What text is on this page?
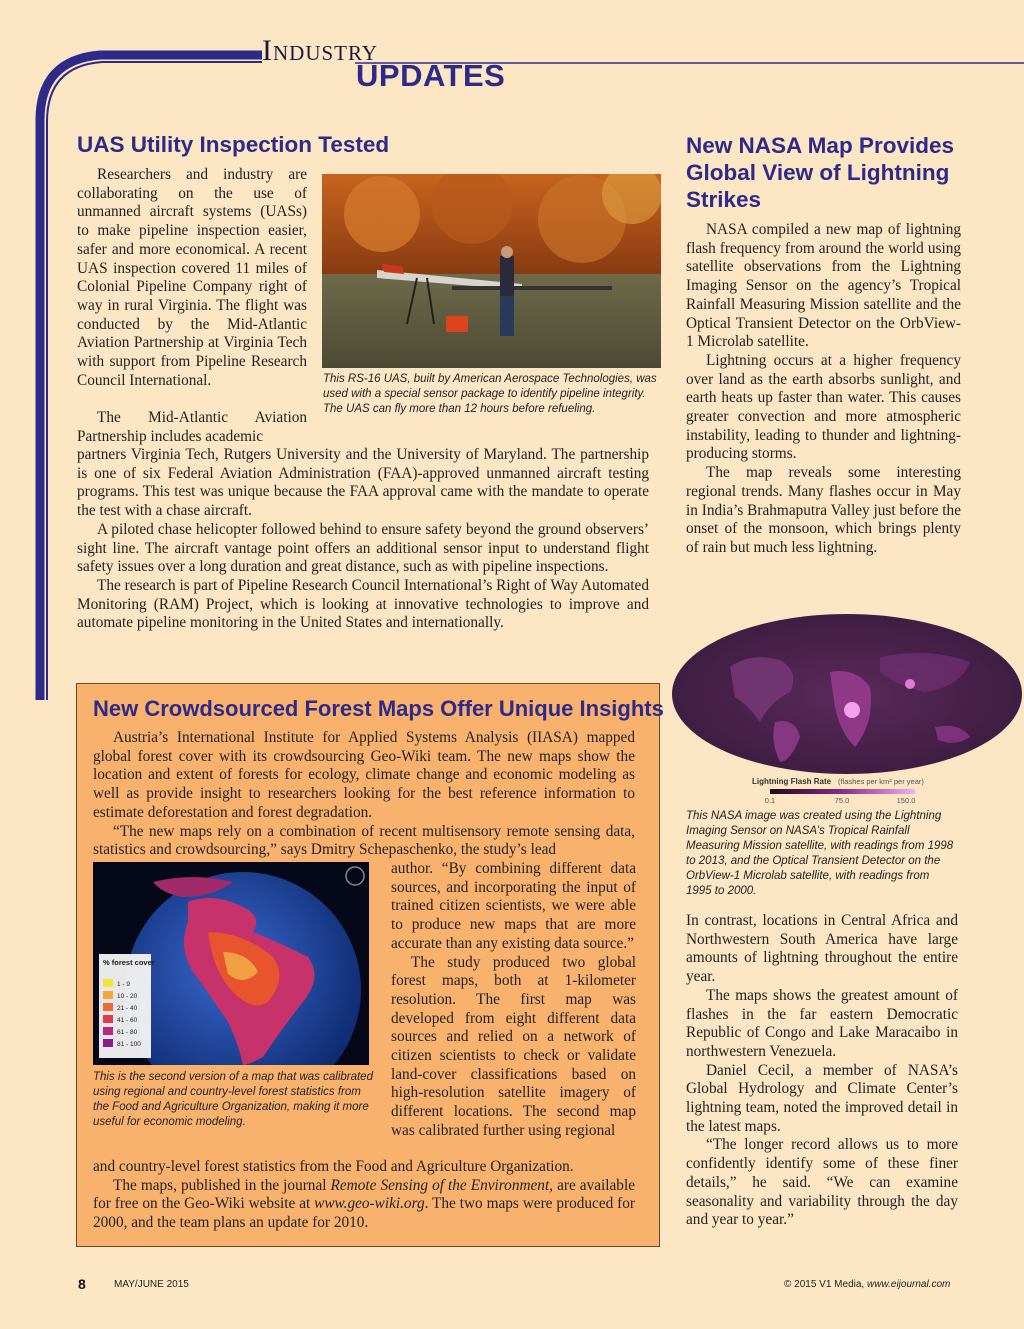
Industry
UPDATES
UAS Utility Inspection Tested

Researchers and industry are collaborating on the use of unmanned aircraft systems (UASs) to make pipeline inspection easier, safer and more economical. A recent UAS inspection covered 11 miles of Colonial Pipeline Company right of way in rural Virginia. The flight was conducted by the Mid-Atlantic Aviation Partnership at Virginia Tech with support from Pipeline Research Council International.

The Mid-Atlantic Aviation Partnership includes academic

partners Virginia Tech, Rutgers University and the University of Maryland. The partnership is one of six Federal Aviation Administration (FAA)-approved unmanned aircraft testing programs. This test was unique because the FAA approval came with the mandate to operate the test with a chase aircraft.

A piloted chase helicopter followed behind to ensure safety beyond the ground observers’ sight line. The aircraft vantage point offers an additional sensor input to understand flight safety issues over a long duration and great distance, such as with pipeline inspections.

The research is part of Pipeline Research Council International’s Right of Way Automated Monitoring (RAM) Project, which is looking at innovative technologies to improve and automate pipeline monitoring in the United States and internationally.

This RS-16 UAS, built by American Aerospace Technologies, was used with a special sensor package to identify pipeline integrity. The UAS can fly more than 12 hours before refueling.

New NASA Map Provides Global View of Lightning Strikes

NASA compiled a new map of lightning flash frequency from around the world using satellite observations from the Lightning Imaging Sensor on the agency’s Tropical Rainfall Measuring Mission satellite and the Optical Transient Detector on the OrbView-1 Microlab satellite.

Lightning occurs at a higher frequency over land as the earth absorbs sunlight, and earth heats up faster than water. This causes greater convection and more atmospheric instability, leading to thunder and lightning-producing storms.

The map reveals some interesting regional trends. Many flashes occur in May in India’s Brahmaputra Valley just before the onset of the monsoon, which brings plenty of rain but much less lightning.

Lightning Flash Rate (flashes per km² per year)
0.1	75.0	150.0

This NASA image was created using the Lightning Imaging Sensor on NASA’s Tropical Rainfall Measuring Mission satellite, with readings from 1998 to 2013, and the Optical Transient Detector on the OrbView-1 Microlab satellite, with readings from 1995 to 2000.

In contrast, locations in Central Africa and Northwestern South America have large amounts of lightning throughout the entire year.

The maps shows the greatest amount of flashes in the far eastern Democratic Republic of Congo and Lake Maracaibo in northwestern Venezuela.

Daniel Cecil, a member of NASA’s Global Hydrology and Climate Center’s lightning team, noted the improved detail in the latest maps.

“The longer record allows us to more confidently identify some of these finer details,” he said. “We can examine seasonality and variability through the day and year to year.”

New Crowdsourced Forest Maps Offer Unique Insights

Austria’s International Institute for Applied Systems Analysis (IIASA) mapped global forest cover with its crowdsourcing Geo-Wiki team. The new maps show the location and extent of forests for ecology, climate change and economic modeling as well as provide insight to researchers looking for the best reference information to estimate deforestation and forest degradation.

“The new maps rely on a combination of recent multisensory remote sensing data, statistics and crowdsourcing,” says Dmitry Schepaschenko, the study’s lead

author. “By combining different data sources, and incorporating the input of trained citizen scientists, we were able to produce new maps that are more accurate than any existing data source.”

The study produced two global forest maps, both at 1-kilometer resolution. The first map was developed from eight different data sources and relied on a network of citizen scientists to check or validate land-cover classifications based on high-resolution satellite imagery of different locations. The second map was calibrated further using regional

and country-level forest statistics from the Food and Agriculture Organization.

The maps, published in the journal Remote Sensing of the Environment, are available for free on the Geo-Wiki website at www.geo-wiki.org. The two maps were produced for 2000, and the team plans an update for 2010.

% forest cover
1 - 9
10 - 20
21 - 40
41 - 60
61 - 80
81 - 100

This is the second version of a map that was calibrated using regional and country-level forest statistics from the Food and Agriculture Organization, making it more useful for economic modeling.

8	MAY/JUNE 2015	© 2015 V1 Media, www.eijournal.com
